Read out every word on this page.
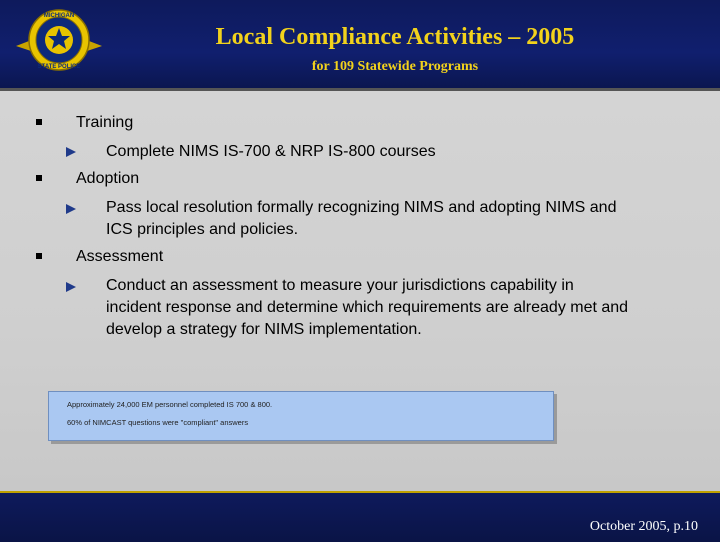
MICHIGAN
STATE POLICE
Local Compliance Activities – 2005
for 109 Statewide Programs
Training
Complete NIMS IS-700 & NRP IS-800 courses
Adoption
Pass local resolution formally recognizing NIMS and adopting NIMS and
ICS principles and policies.
Assessment
Conduct an assessment to measure your jurisdictions capability in
incident response and determine which requirements are already met and
develop a strategy for NIMS implementation.
Approximately 24,000 EM personnel completed IS 700 & 800.
60% of NIMCAST questions were "compliant" answers
October 2005, p.10
